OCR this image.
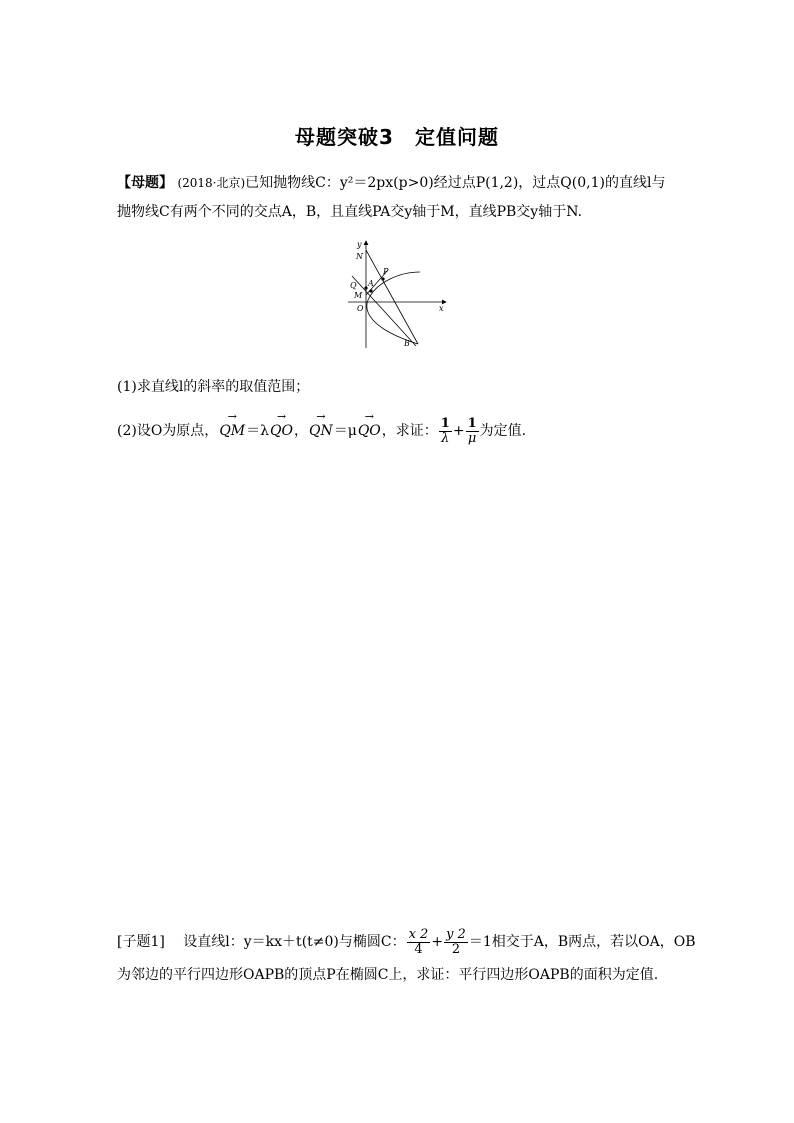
母题突破3　定值问题
【母题】 (2018·北京)已知抛物线C：y²＝2px(p>0)经过点P(1,2)，过点Q(0,1)的直线l与
抛物线C有两个不同的交点A，B，且直线PA交y轴于M，直线PB交y轴于N.
y
x
N
P
A
Q
M
O
B
(1)求直线l的斜率的取值范围；
(2)设O为原点，→ QM＝λ→ QO，→ QN＝μ→ QO，求证： $\frac{1}{\lambda} + \frac{1}{\mu}$ 为定值.
[子题1] 设直线l：y＝kx＋t(t≠0)与椭圆C： $\frac{x 2}{4} + \frac{y 2}{2} =1$相交于A，B两点，若以OA，OB
为邻边的平行四边形OAPB的顶点P在椭圆C上，求证：平行四边形OAPB的面积为定值.
